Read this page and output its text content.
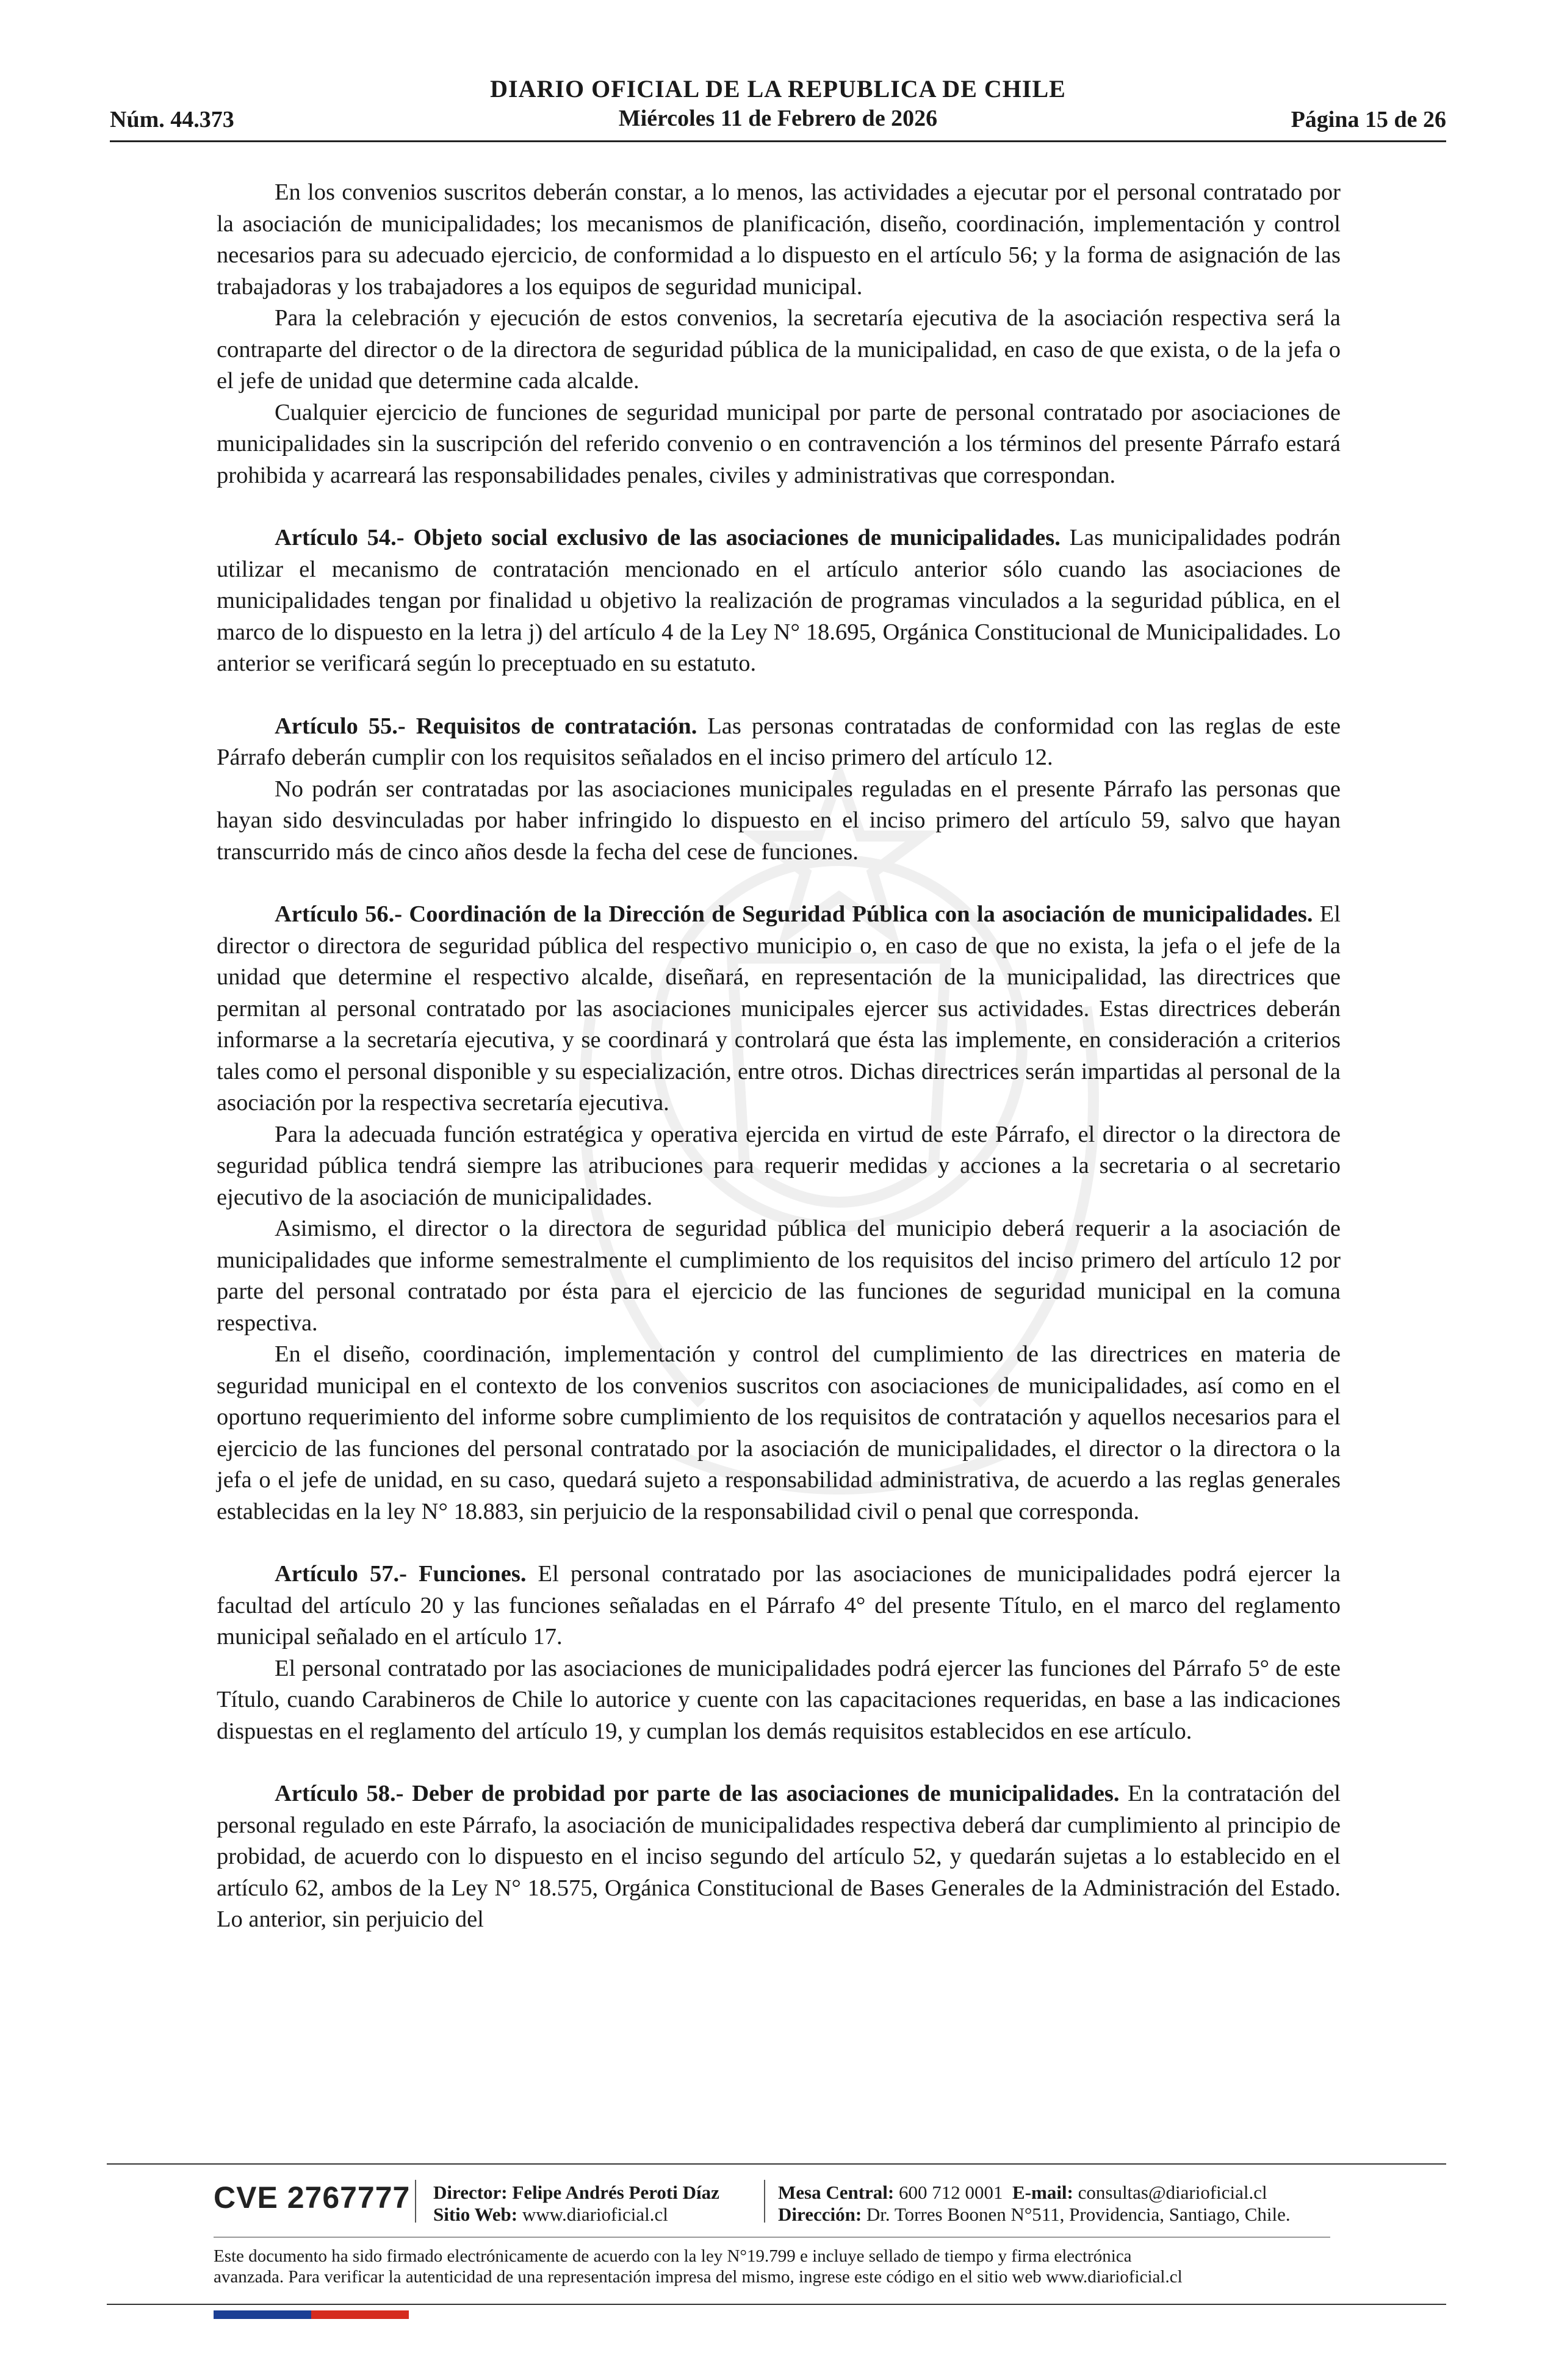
Núm. 44.373
DIARIO OFICIAL DE LA REPUBLICA DE CHILE
Miércoles 11 de Febrero de 2026	Página 15 de 26

En los convenios suscritos deberán constar, a lo menos, las actividades a ejecutar por el personal contratado por la asociación de municipalidades; los mecanismos de planificación, diseño, coordinación, implementación y control necesarios para su adecuado ejercicio, de conformidad a lo dispuesto en el artículo 56; y la forma de asignación de las trabajadoras y los trabajadores a los equipos de seguridad municipal.

Para la celebración y ejecución de estos convenios, la secretaría ejecutiva de la asociación respectiva será la contraparte del director o de la directora de seguridad pública de la municipalidad, en caso de que exista, o de la jefa o el jefe de unidad que determine cada alcalde.

Cualquier ejercicio de funciones de seguridad municipal por parte de personal contratado por asociaciones de municipalidades sin la suscripción del referido convenio o en contravención a los términos del presente Párrafo estará prohibida y acarreará las responsabilidades penales, civiles y administrativas que correspondan.

Artículo 54.- Objeto social exclusivo de las asociaciones de municipalidades. Las municipalidades podrán utilizar el mecanismo de contratación mencionado en el artículo anterior sólo cuando las asociaciones de municipalidades tengan por finalidad u objetivo la realización de programas vinculados a la seguridad pública, en el marco de lo dispuesto en la letra j) del artículo 4 de la Ley N° 18.695, Orgánica Constitucional de Municipalidades. Lo anterior se verificará según lo preceptuado en su estatuto.

Artículo 55.- Requisitos de contratación. Las personas contratadas de conformidad con las reglas de este Párrafo deberán cumplir con los requisitos señalados en el inciso primero del artículo 12.

No podrán ser contratadas por las asociaciones municipales reguladas en el presente Párrafo las personas que hayan sido desvinculadas por haber infringido lo dispuesto en el inciso primero del artículo 59, salvo que hayan transcurrido más de cinco años desde la fecha del cese de funciones.

Artículo 56.- Coordinación de la Dirección de Seguridad Pública con la asociación de municipalidades. El director o directora de seguridad pública del respectivo municipio o, en caso de que no exista, la jefa o el jefe de la unidad que determine el respectivo alcalde, diseñará, en representación de la municipalidad, las directrices que permitan al personal contratado por las asociaciones municipales ejercer sus actividades. Estas directrices deberán informarse a la secretaría ejecutiva, y se coordinará y controlará que ésta las implemente, en consideración a criterios tales como el personal disponible y su especialización, entre otros. Dichas directrices serán impartidas al personal de la asociación por la respectiva secretaría ejecutiva.

Para la adecuada función estratégica y operativa ejercida en virtud de este Párrafo, el director o la directora de seguridad pública tendrá siempre las atribuciones para requerir medidas y acciones a la secretaria o al secretario ejecutivo de la asociación de municipalidades.

Asimismo, el director o la directora de seguridad pública del municipio deberá requerir a la asociación de municipalidades que informe semestralmente el cumplimiento de los requisitos del inciso primero del artículo 12 por parte del personal contratado por ésta para el ejercicio de las funciones de seguridad municipal en la comuna respectiva.

En el diseño, coordinación, implementación y control del cumplimiento de las directrices en materia de seguridad municipal en el contexto de los convenios suscritos con asociaciones de municipalidades, así como en el oportuno requerimiento del informe sobre cumplimiento de los requisitos de contratación y aquellos necesarios para el ejercicio de las funciones del personal contratado por la asociación de municipalidades, el director o la directora o la jefa o el jefe de unidad, en su caso, quedará sujeto a responsabilidad administrativa, de acuerdo a las reglas generales establecidas en la ley N° 18.883, sin perjuicio de la responsabilidad civil o penal que corresponda.

Artículo 57.- Funciones. El personal contratado por las asociaciones de municipalidades podrá ejercer la facultad del artículo 20 y las funciones señaladas en el Párrafo 4° del presente Título, en el marco del reglamento municipal señalado en el artículo 17.

El personal contratado por las asociaciones de municipalidades podrá ejercer las funciones del Párrafo 5° de este Título, cuando Carabineros de Chile lo autorice y cuente con las capacitaciones requeridas, en base a las indicaciones dispuestas en el reglamento del artículo 19, y cumplan los demás requisitos establecidos en ese artículo.

Artículo 58.- Deber de probidad por parte de las asociaciones de municipalidades. En la contratación del personal regulado en este Párrafo, la asociación de municipalidades respectiva deberá dar cumplimiento al principio de probidad, de acuerdo con lo dispuesto en el inciso segundo del artículo 52, y quedarán sujetas a lo establecido en el artículo 62, ambos de la Ley N° 18.575, Orgánica Constitucional de Bases Generales de la Administración del Estado. Lo anterior, sin perjuicio del

CVE 2767777 Director: Felipe Andrés Peroti Díaz
Sitio Web: www.diarioficial.cl
Mesa Central: 600 712 0001 E-mail: consultas@diarioficial.cl
Dirección: Dr. Torres Boonen N°511, Providencia, Santiago, Chile.
Este documento ha sido firmado electrónicamente de acuerdo con la ley N°19.799 e incluye sellado de tiempo y firma electrónica
avanzada. Para verificar la autenticidad de una representación impresa del mismo, ingrese este código en el sitio web www.diarioficial.cl
